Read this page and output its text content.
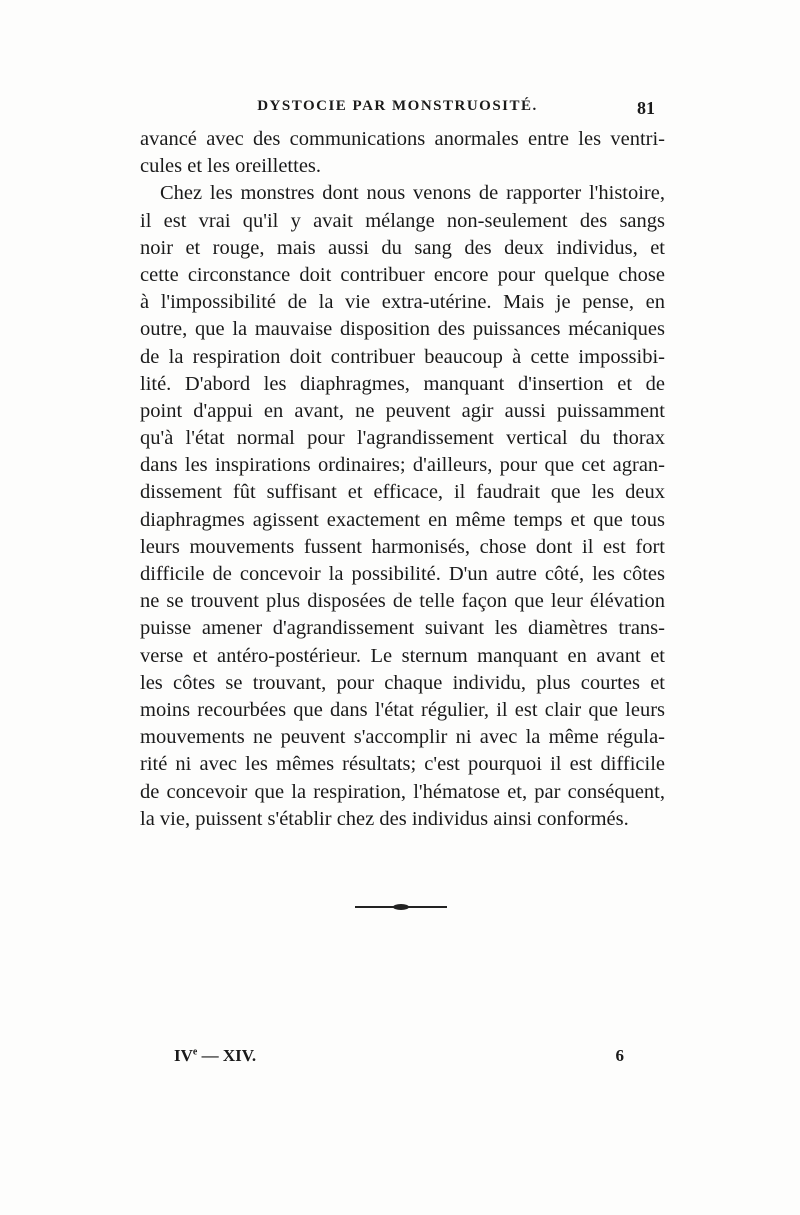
DYSTOCIE PAR MONSTRUOSITÉ.	81
avancé avec des communications anormales entre les ventri-
cules et les oreillettes.
Chez les monstres dont nous venons de rapporter l'histoire,
il est vrai qu'il y avait mélange non-seulement des sangs
noir et rouge, mais aussi du sang des deux individus, et
cette circonstance doit contribuer encore pour quelque chose
à l'impossibilité de la vie extra-utérine. Mais je pense, en
outre, que la mauvaise disposition des puissances mécaniques
de la respiration doit contribuer beaucoup à cette impossibi-
lité. D'abord les diaphragmes, manquant d'insertion et de
point d'appui en avant, ne peuvent agir aussi puissamment
qu'à l'état normal pour l'agrandissement vertical du thorax
dans les inspirations ordinaires; d'ailleurs, pour que cet agran-
dissement fût suffisant et efficace, il faudrait que les deux
diaphragmes agissent exactement en même temps et que tous
leurs mouvements fussent harmonisés, chose dont il est fort
difficile de concevoir la possibilité. D'un autre côté, les côtes
ne se trouvent plus disposées de telle façon que leur élévation
puisse amener d'agrandissement suivant les diamètres trans-
verse et antéro-postérieur. Le sternum manquant en avant et
les côtes se trouvant, pour chaque individu, plus courtes et
moins recourbées que dans l'état régulier, il est clair que leurs
mouvements ne peuvent s'accomplir ni avec la même régula-
rité ni avec les mêmes résultats; c'est pourquoi il est difficile
de concevoir que la respiration, l'hématose et, par conséquent,
la vie, puissent s'établir chez des individus ainsi conformés.
IVe — XIV.	6
